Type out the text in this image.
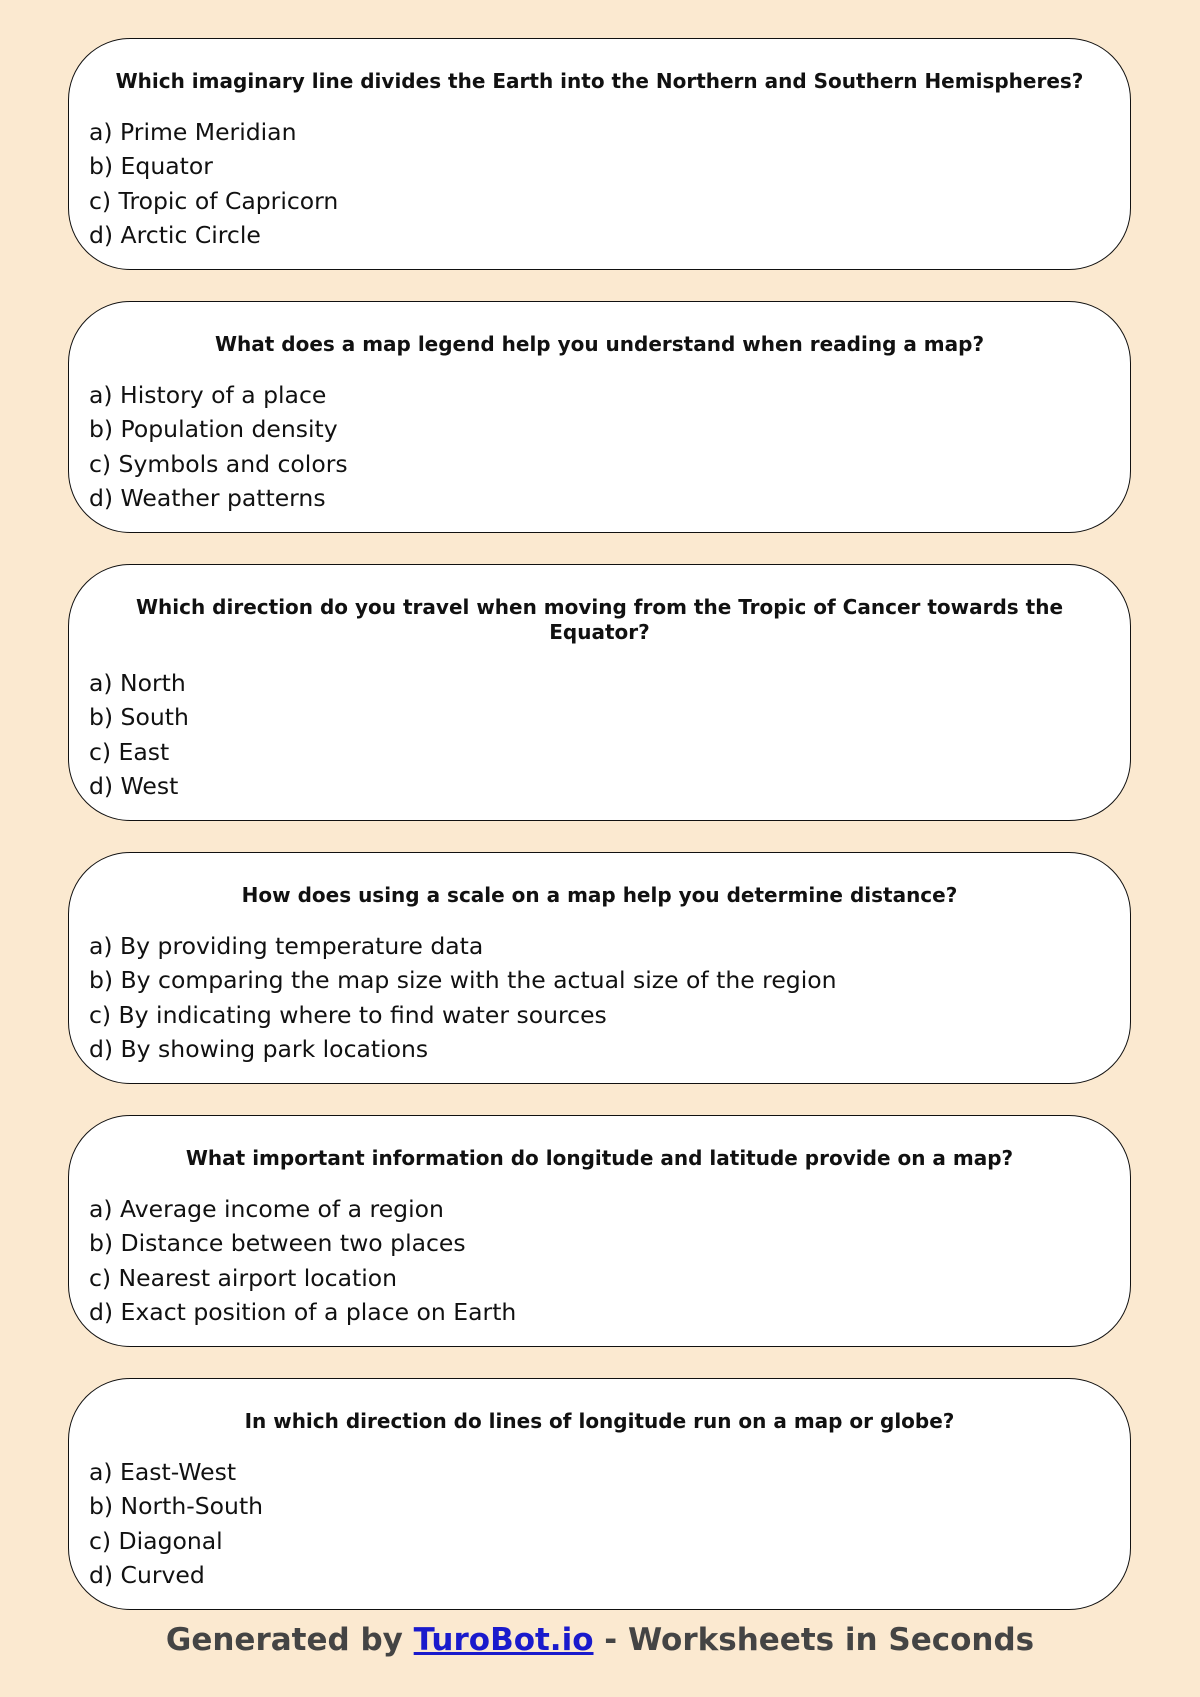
Which imaginary line divides the Earth into the Northern and Southern Hemispheres?

a) Prime Meridian
b) Equator
c) Tropic of Capricorn
d) Arctic Circle

What does a map legend help you understand when reading a map?

a) History of a place
b) Population density
c) Symbols and colors
d) Weather patterns

Which direction do you travel when moving from the Tropic of Cancer towards the Equator?

a) North
b) South
c) East
d) West

How does using a scale on a map help you determine distance?

a) By providing temperature data
b) By comparing the map size with the actual size of the region
c) By indicating where to find water sources
d) By showing park locations

What important information do longitude and latitude provide on a map?

a) Average income of a region
b) Distance between two places
c) Nearest airport location
d) Exact position of a place on Earth

In which direction do lines of longitude run on a map or globe?

a) East-West
b) North-South
c) Diagonal
d) Curved
Generated by TuroBot.io - Worksheets in Seconds
